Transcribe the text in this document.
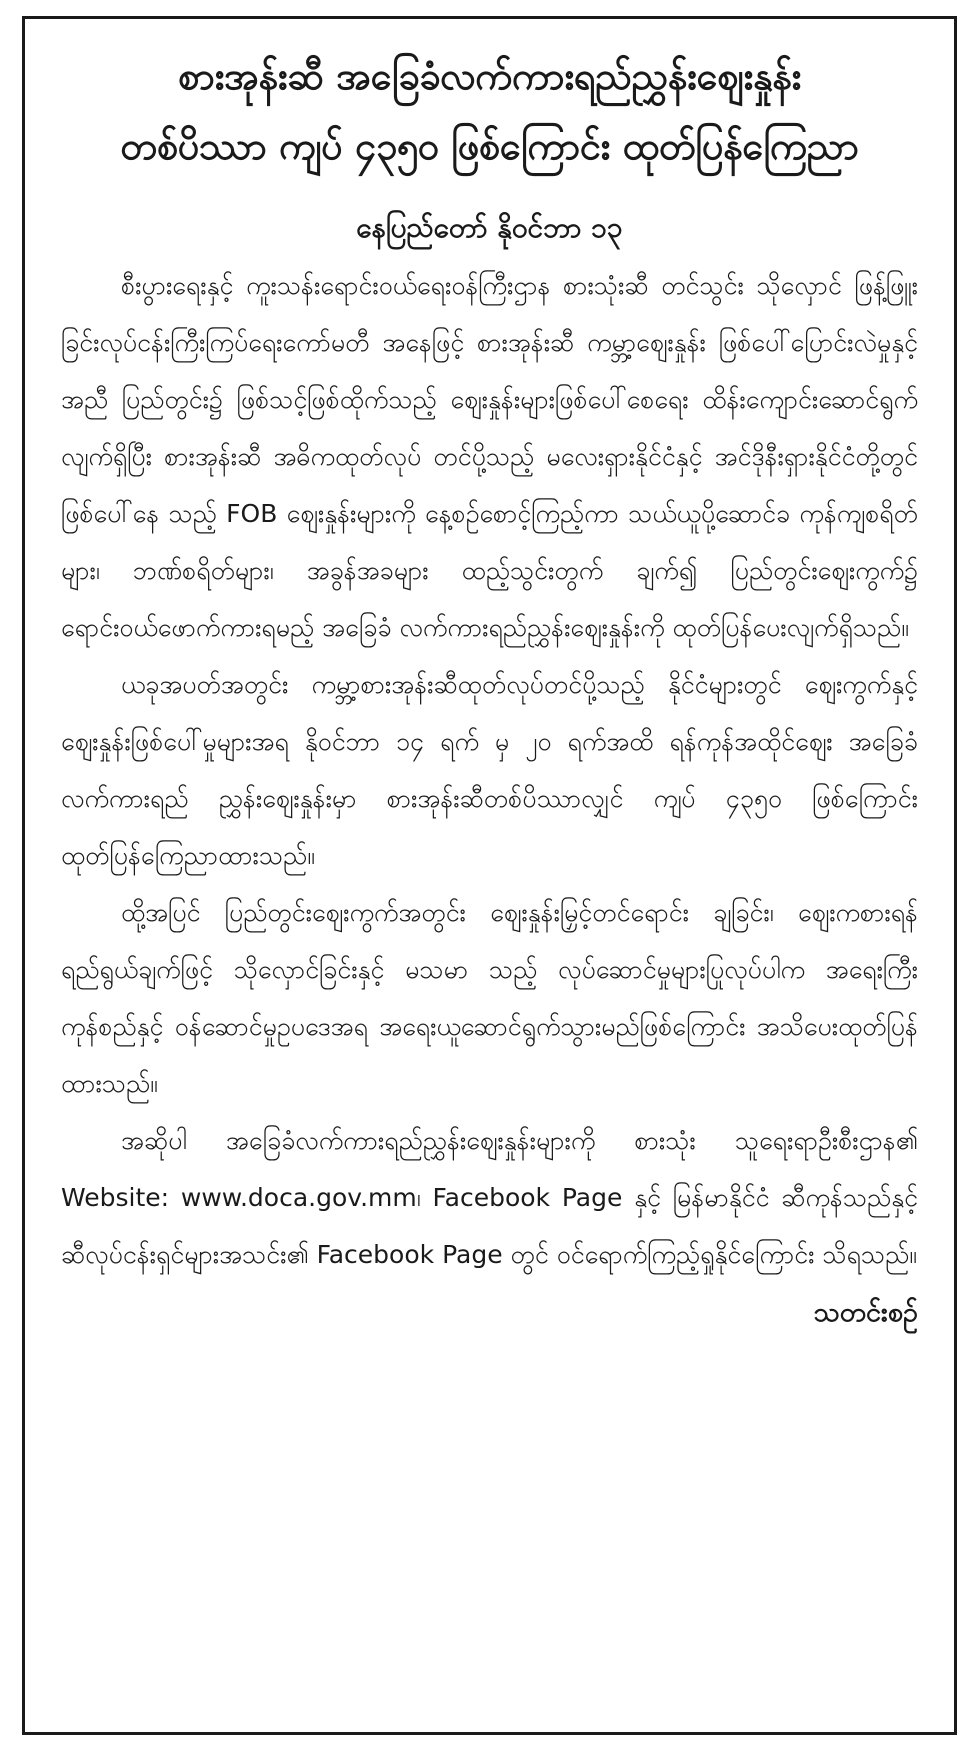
စားအုန်းဆီ အခြေခံလက်ကားရည်ညွှန်းဈေးနှုန်း
တစ်ပိဿာ ကျပ် ၄၃၅၀ ဖြစ်ကြောင်း ထုတ်ပြန်ကြေညာ
နေပြည်တော် နိုဝင်ဘာ ၁၃

စီးပွားရေးနှင့် ကူးသန်းရောင်းဝယ်ရေးဝန်ကြီးဌာန စားသုံးဆီ တင်သွင်း သိုလှောင် ဖြန့်ဖြူးခြင်းလုပ်ငန်းကြီးကြပ်ရေးကော်မတီ အနေဖြင့် စားအုန်းဆီ ကမ္ဘာ့ဈေးနှုန်း ဖြစ်ပေါ်ပြောင်းလဲမှုနှင့်အညီ ပြည်တွင်း၌ ဖြစ်သင့်ဖြစ်ထိုက်သည့် ဈေးနှုန်းများဖြစ်ပေါ်စေရေး ထိန်းကျောင်းဆောင်ရွက်လျက်ရှိပြီး စားအုန်းဆီ အဓိကထုတ်လုပ် တင်ပို့သည့် မလေးရှားနိုင်ငံနှင့် အင်ဒိုနီးရှားနိုင်ငံတို့တွင် ဖြစ်ပေါ်နေ သည့် FOB ဈေးနှုန်းများကို နေ့စဉ်စောင့်ကြည့်ကာ သယ်ယူပို့ဆောင်ခ ကုန်ကျစရိတ်များ၊ ဘဏ်စရိတ်များ၊ အခွန်အခများ ထည့်သွင်းတွက် ချက်၍ ပြည်တွင်းဈေးကွက်၌ ရောင်းဝယ်ဖောက်ကားရမည့် အခြေခံ လက်ကားရည်ညွှန်းဈေးနှုန်းကို ထုတ်ပြန်ပေးလျက်ရှိသည်။

ယခုအပတ်အတွင်း ကမ္ဘာ့စားအုန်းဆီထုတ်လုပ်တင်ပို့သည့် နိုင်ငံများတွင် ဈေးကွက်နှင့် ဈေးနှုန်းဖြစ်ပေါ်မှုများအရ နိုဝင်ဘာ ၁၄ ရက် မှ ၂၀ ရက်အထိ ရန်ကုန်အထိုင်ဈေး အခြေခံလက်ကားရည် ညွှန်းဈေးနှုန်းမှာ စားအုန်းဆီတစ်ပိဿာလျှင် ကျပ် ၄၃၅၀ ဖြစ်ကြောင်း ထုတ်ပြန်ကြေညာထားသည်။

ထို့အပြင် ပြည်တွင်းဈေးကွက်အတွင်း ဈေးနှုန်းမြှင့်တင်ရောင်း ချခြင်း၊ ဈေးကစားရန်ရည်ရွယ်ချက်ဖြင့် သိုလှောင်ခြင်းနှင့် မသမာ သည့် လုပ်ဆောင်မှုများပြုလုပ်ပါက အရေးကြီးကုန်စည်နှင့် ဝန်ဆောင်မှုဥပဒေအရ အရေးယူဆောင်ရွက်သွားမည်ဖြစ်ကြောင်း အသိပေးထုတ်ပြန်ထားသည်။

အဆိုပါ အခြေခံလက်ကားရည်ညွှန်းဈေးနှုန်းများကို စားသုံး သူရေးရာဦးစီးဌာန၏ Website: www.doca.gov.mm၊ Facebook Page နှင့် မြန်မာနိုင်ငံ ဆီကုန်သည်နှင့် ဆီလုပ်ငန်းရှင်များအသင်း၏ Facebook Page တွင် ဝင်ရောက်ကြည့်ရှုနိုင်ကြောင်း သိရသည်။

သတင်းစဉ်
